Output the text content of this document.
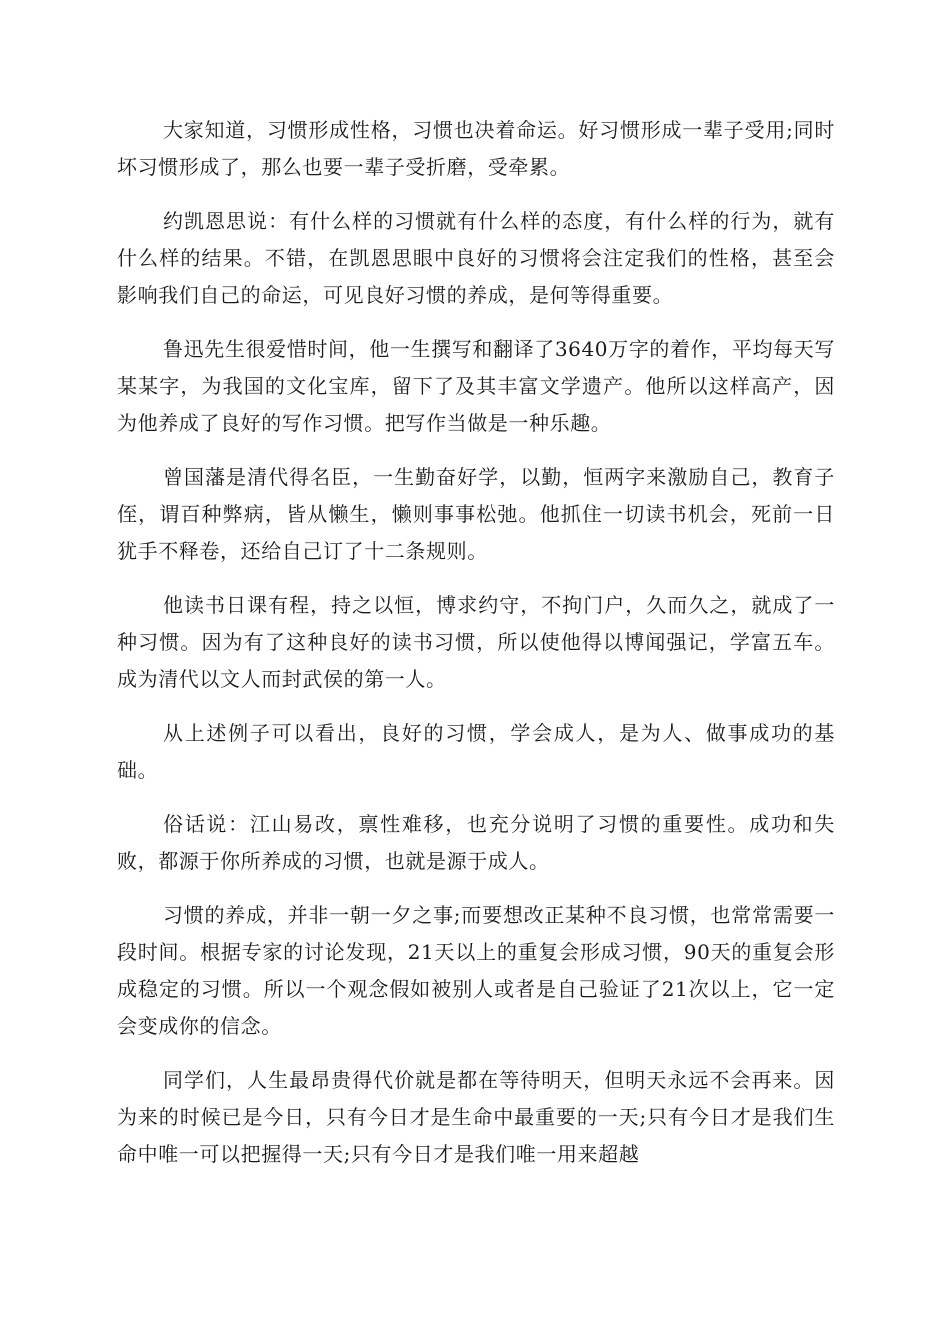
大家知道，习惯形成性格，习惯也决着命运。好习惯形成一辈子受用;同时坏习惯形成了，那么也要一辈子受折磨，受牵累。

约凯恩思说：有什么样的习惯就有什么样的态度，有什么样的行为，就有什么样的结果。不错，在凯恩思眼中良好的习惯将会注定我们的性格，甚至会影响我们自己的命运，可见良好习惯的养成，是何等得重要。

鲁迅先生很爱惜时间，他一生撰写和翻译了3640万字的着作，平均每天写某某字，为我国的文化宝库，留下了及其丰富文学遗产。他所以这样高产，因为他养成了良好的写作习惯。把写作当做是一种乐趣。

曾国藩是清代得名臣，一生勤奋好学，以勤，恒两字来激励自己，教育子侄，谓百种弊病，皆从懒生，懒则事事松弛。他抓住一切读书机会，死前一日犹手不释卷，还给自己订了十二条规则。

他读书日课有程，持之以恒，博求约守，不拘门户，久而久之，就成了一种习惯。因为有了这种良好的读书习惯，所以使他得以博闻强记，学富五车。成为清代以文人而封武侯的第一人。

从上述例子可以看出，良好的习惯，学会成人，是为人、做事成功的基础。

俗话说：江山易改，禀性难移，也充分说明了习惯的重要性。成功和失败，都源于你所养成的习惯，也就是源于成人。

习惯的养成，并非一朝一夕之事;而要想改正某种不良习惯，也常常需要一段时间。根据专家的讨论发现，21天以上的重复会形成习惯，90天的重复会形成稳定的习惯。所以一个观念假如被别人或者是自己验证了21次以上，它一定会变成你的信念。

同学们，人生最昂贵得代价就是都在等待明天，但明天永远不会再来。因为来的时候已是今日，只有今日才是生命中最重要的一天;只有今日才是我们生命中唯一可以把握得一天;只有今日才是我们唯一用来超越
